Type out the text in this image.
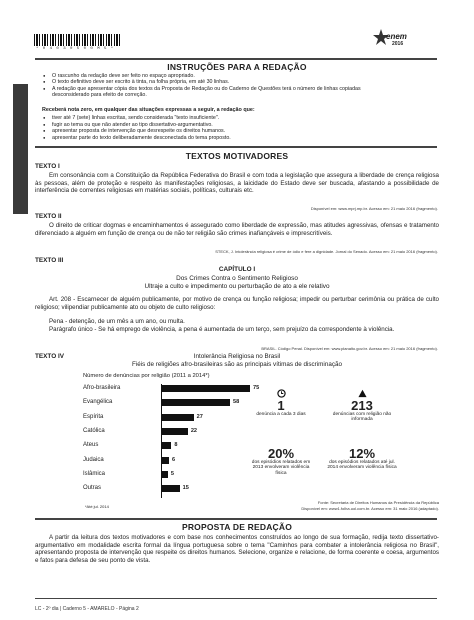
* 0 4 0 3 0 5 0 0 M 5 *
enem
2016
INSTRUÇÕES PARA A REDAÇÃO
● O rascunho da redação deve ser feito no espaço apropriado.
● O texto definitivo deve ser escrito à tinta, na folha própria, em até 30 linhas.
● A redação que apresentar cópia dos textos da Proposta de Redação ou do Caderno de Questões terá o número de linhas copiadas desconsiderado para efeito de correção.
Receberá nota zero, em qualquer das situações expressas a seguir, a redação que:
● tiver até 7 (sete) linhas escritas, sendo considerada "texto insuficiente".
● fugir ao tema ou que não atender ao tipo dissertativo-argumentativo.
● apresentar proposta de intervenção que desrespeite os direitos humanos.
● apresentar parte do texto deliberadamente desconectada do tema proposto.
TEXTOS MOTIVADORES
TEXTO I

Em consonância com a Constituição da República Federativa do Brasil e com toda a legislação que assegura a liberdade de crença religiosa às pessoas, além de proteção e respeito às manifestações religiosas, a laicidade do Estado deve ser buscada, afastando a possibilidade de interferência de correntes religiosas em matérias sociais, políticas, culturais etc.

Disponível em: www.mprj.mp.br. Acesso em: 21 maio 2016 (fragmento).
TEXTO II

O direito de criticar dogmas e encaminhamentos é assegurado como liberdade de expressão, mas atitudes agressivas, ofensas e tratamento diferenciado a alguém em função de crença ou de não ter religião são crimes inafiançáveis e imprescritíveis.

STECK, J. Intolerância religiosa é crime de ódio e fere a dignidade. Jornal do Senado. Acesso em: 21 maio 2016 (fragmento).
TEXTO III
CAPÍTULO I
Dos Crimes Contra o Sentimento Religioso
Ultraje a culto e impedimento ou perturbação de ato a ele relativo

Art. 208 - Escarnecer de alguém publicamente, por motivo de crença ou função religiosa; impedir ou perturbar cerimônia ou prática de culto religioso; vilipendiar publicamente ato ou objeto de culto religioso:

Pena - detenção, de um mês a um ano, ou multa.

Parágrafo único - Se há emprego de violência, a pena é aumentada de um terço, sem prejuízo da correspondente à violência.

BRASIL. Código Penal. Disponível em: www.planalto.gov.br. Acesso em: 21 maio 2016 (fragmento).
TEXTO IV	Intolerância Religiosa no Brasil
Fiéis de religiões afro-brasileiras são as principais vítimas de discriminação
Número de denúncias por religião (2011 a 2014*)
Afro-brasileira	75
Evangélica	58
Espírita	27
Católica	22
Ateus	8
Judaica	6
Islâmica	5
Outras	15
1
denúncia a cada 3 dias
213
denúncias com religião não informada
20%
dos episódios relatados em 2013 envolveram violência física
12%
dos episódios relatados até jul. 2014 envolveram violência física
*Até jul. 2014
Fonte: Secretaria de Direitos Humanos da Presidência da República
Disponível em: www1.folha.uol.com.br. Acesso em: 31 maio 2016 (adaptado).
PROPOSTA DE REDAÇÃO

A partir da leitura dos textos motivadores e com base nos conhecimentos construídos ao longo de sua formação, redija texto dissertativo-argumentativo em modalidade escrita formal da língua portuguesa sobre o tema "Caminhos para combater a intolerância religiosa no Brasil", apresentando proposta de intervenção que respeite os direitos humanos. Selecione, organize e relacione, de forma coerente e coesa, argumentos e fatos para defesa de seu ponto de vista.

LC - 2º dia | Caderno 5 - AMARELO - Página 2
